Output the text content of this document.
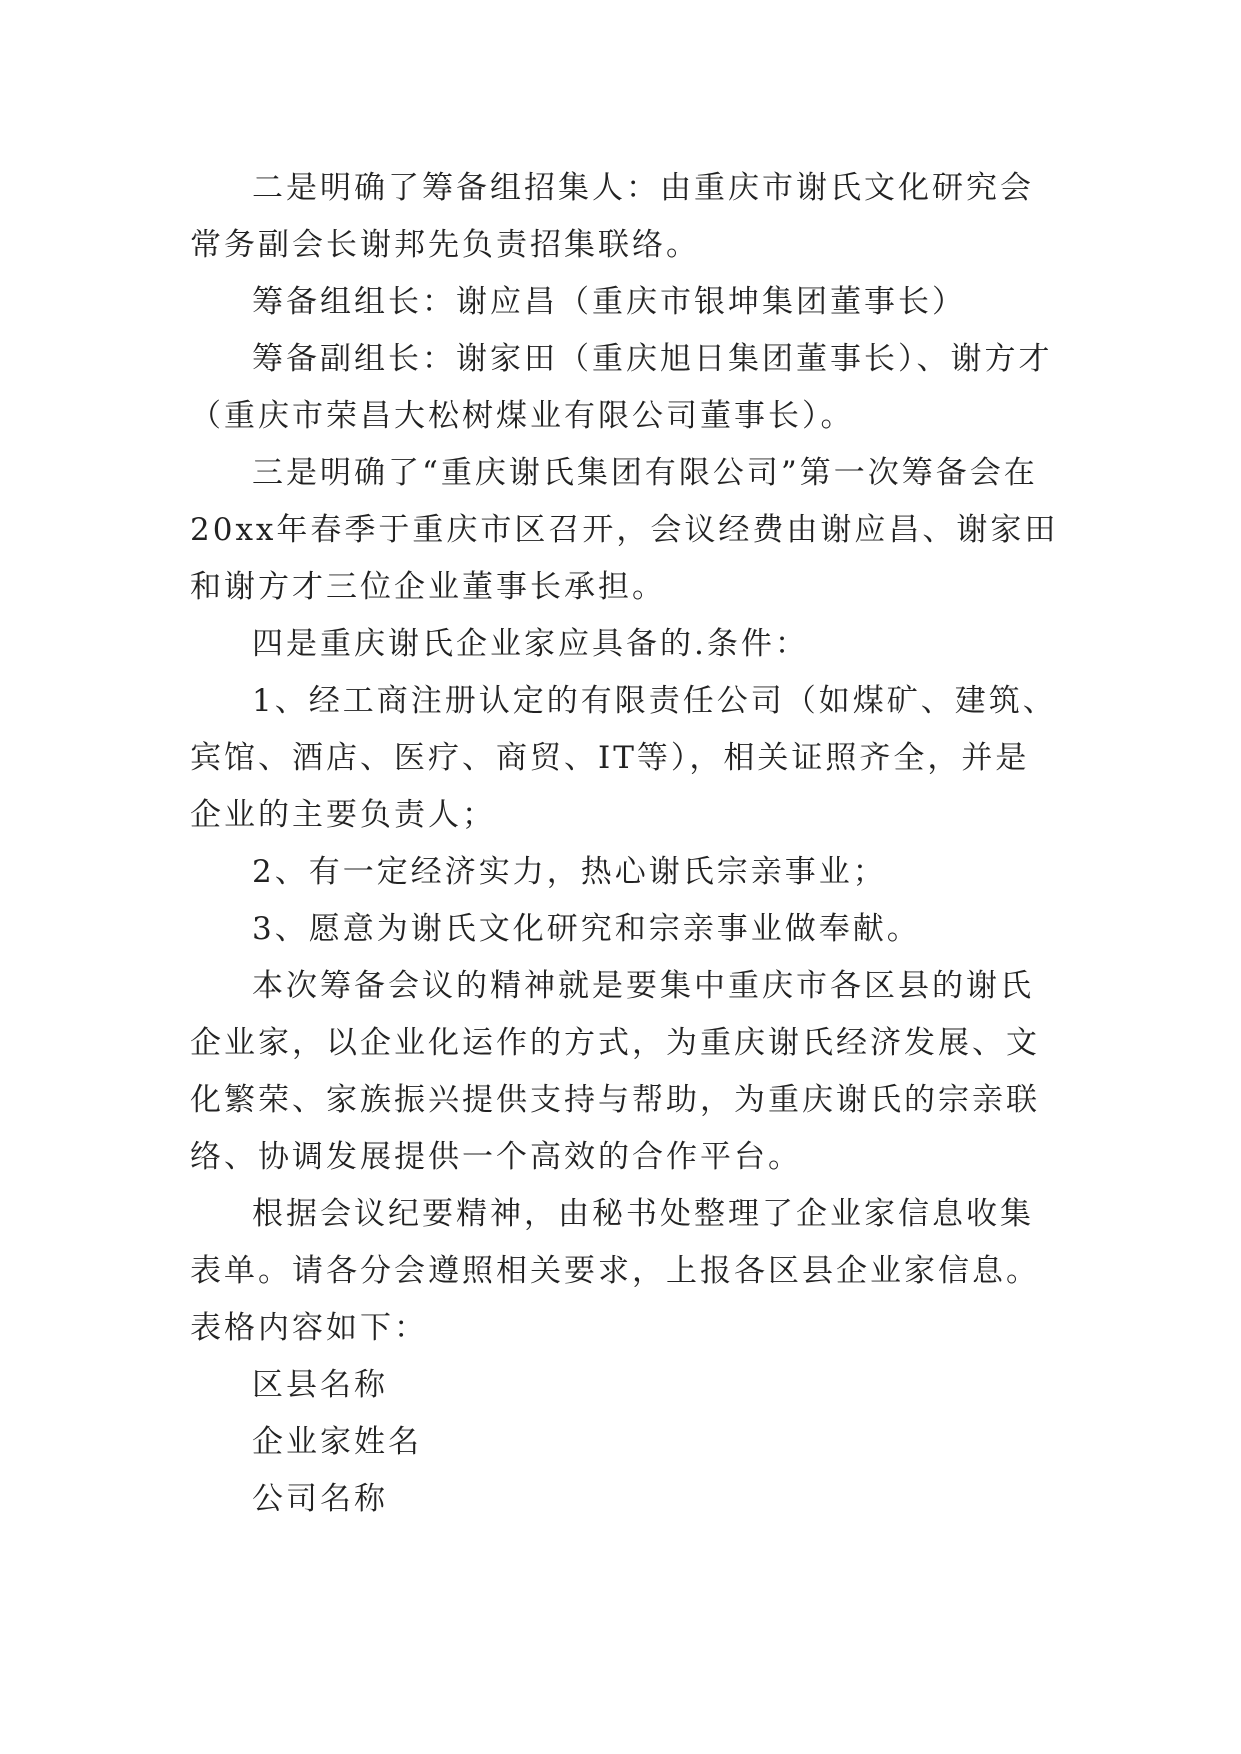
二是明确了筹备组招集人：由重庆市谢氏文化研究会常务副会长谢邦先负责招集联络。

筹备组组长：谢应昌（重庆市银坤集团董事长）

筹备副组长：谢家田（重庆旭日集团董事长）、谢方才（重庆市荣昌大松树煤业有限公司董事长）。

三是明确了“重庆谢氏集团有限公司”第一次筹备会在20xx年春季于重庆市区召开，会议经费由谢应昌、谢家田和谢方才三位企业董事长承担。

四是重庆谢氏企业家应具备的.条件：

1、经工商注册认定的有限责任公司（如煤矿、建筑、宾馆、酒店、医疗、商贸、IT等），相关证照齐全，并是企业的主要负责人；

2、有一定经济实力，热心谢氏宗亲事业；

3、愿意为谢氏文化研究和宗亲事业做奉献。

本次筹备会议的精神就是要集中重庆市各区县的谢氏企业家，以企业化运作的方式，为重庆谢氏经济发展、文化繁荣、家族振兴提供支持与帮助，为重庆谢氏的宗亲联络、协调发展提供一个高效的合作平台。

根据会议纪要精神，由秘书处整理了企业家信息收集表单。请各分会遵照相关要求，上报各区县企业家信息。表格内容如下：

区县名称

企业家姓名

公司名称
